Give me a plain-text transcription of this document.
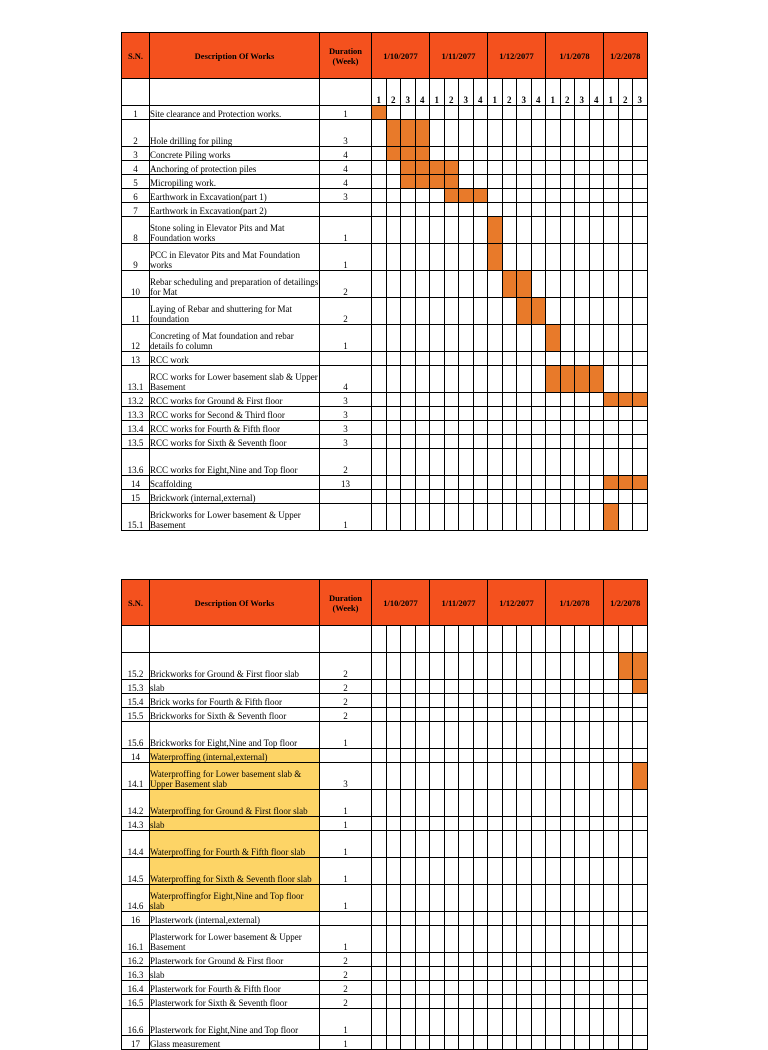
S.N.	Description Of Works	Duration (Week)	1/10/2077				1/11/2077				1/12/2077				1/1/2078				1/2/2078		
			1	2	3	4	1	2	3	4	1	2	3	4	1	2	3	4	1	2	3
1	Site clearance and Protection works.	1																			
2	Hole drilling for piling	3																			
3	Concrete Piling works	4																			
4	Anchoring of protection piles	4																			
5	Micropiling work.	4																			
6	Earthwork in Excavation(part 1)	3																			
7	Earthwork in Excavation(part 2)																				
8	Stone soling in Elevator Pits and Mat Foundation works	1																			
9	PCC in Elevator Pits and Mat Foundation works	1																			
10	Rebar scheduling and preparation of detailings for Mat	2																			
11	Laying of Rebar and shuttering for Mat foundation	2																			
12	Concreting of Mat foundation and rebar details fo column	1																			
13	RCC work																				
13.1	RCC works for Lower basement slab & Upper Basement	4																			
13.2	RCC works for Ground & First floor	3																			
13.3	RCC works for Second & Third floor	3																			
13.4	RCC works for Fourth & Fifth floor	3																			
13.5	RCC works for Sixth & Seventh floor	3																			
13.6	RCC works for Eight,Nine and Top floor	2																			
14	Scaffolding	13																			
15	Brickwork (internal,external)																				
15.1	Brickworks for Lower basement & Upper Basement	1																			
S.N.	Description Of Works	Duration (Week)	1/10/2077				1/11/2077				1/12/2077				1/1/2078				1/2/2078		

15.2	Brickworks for Ground & First floor slab	2																			
15.3	slab	2																			
15.4	Brick works for Fourth & Fifth floor	2																			
15.5	Brickworks for Sixth & Seventh floor	2																			
15.6	Brickworks for Eight,Nine and Top floor	1																			
14	Waterproffing (internal,external)																				
14.1	Waterproffing for Lower basement slab & Upper Basement slab	3																			
14.2	Waterproffing for Ground & First floor slab	1																			
14.3	slab	1																			
14.4	Waterproffing for Fourth & Fifth floor slab	1																			
14.5	Waterproffing for Sixth & Seventh floor slab	1																			
14.6	Waterproffingfor Eight,Nine and Top floor slab	1																			
16	Plasterwork (internal,external)																				
16.1	Plasterwork for Lower basement & Upper Basement	1																			
16.2	Plasterwork for Ground & First floor	2																			
16.3	slab	2																			
16.4	Plasterwork for Fourth & Fifth floor	2																			
16.5	Plasterwork for Sixth & Seventh floor	2																			
16.6	Plasterwork for Eight,Nine and Top floor	1																			
17	Glass measurement	1																			
